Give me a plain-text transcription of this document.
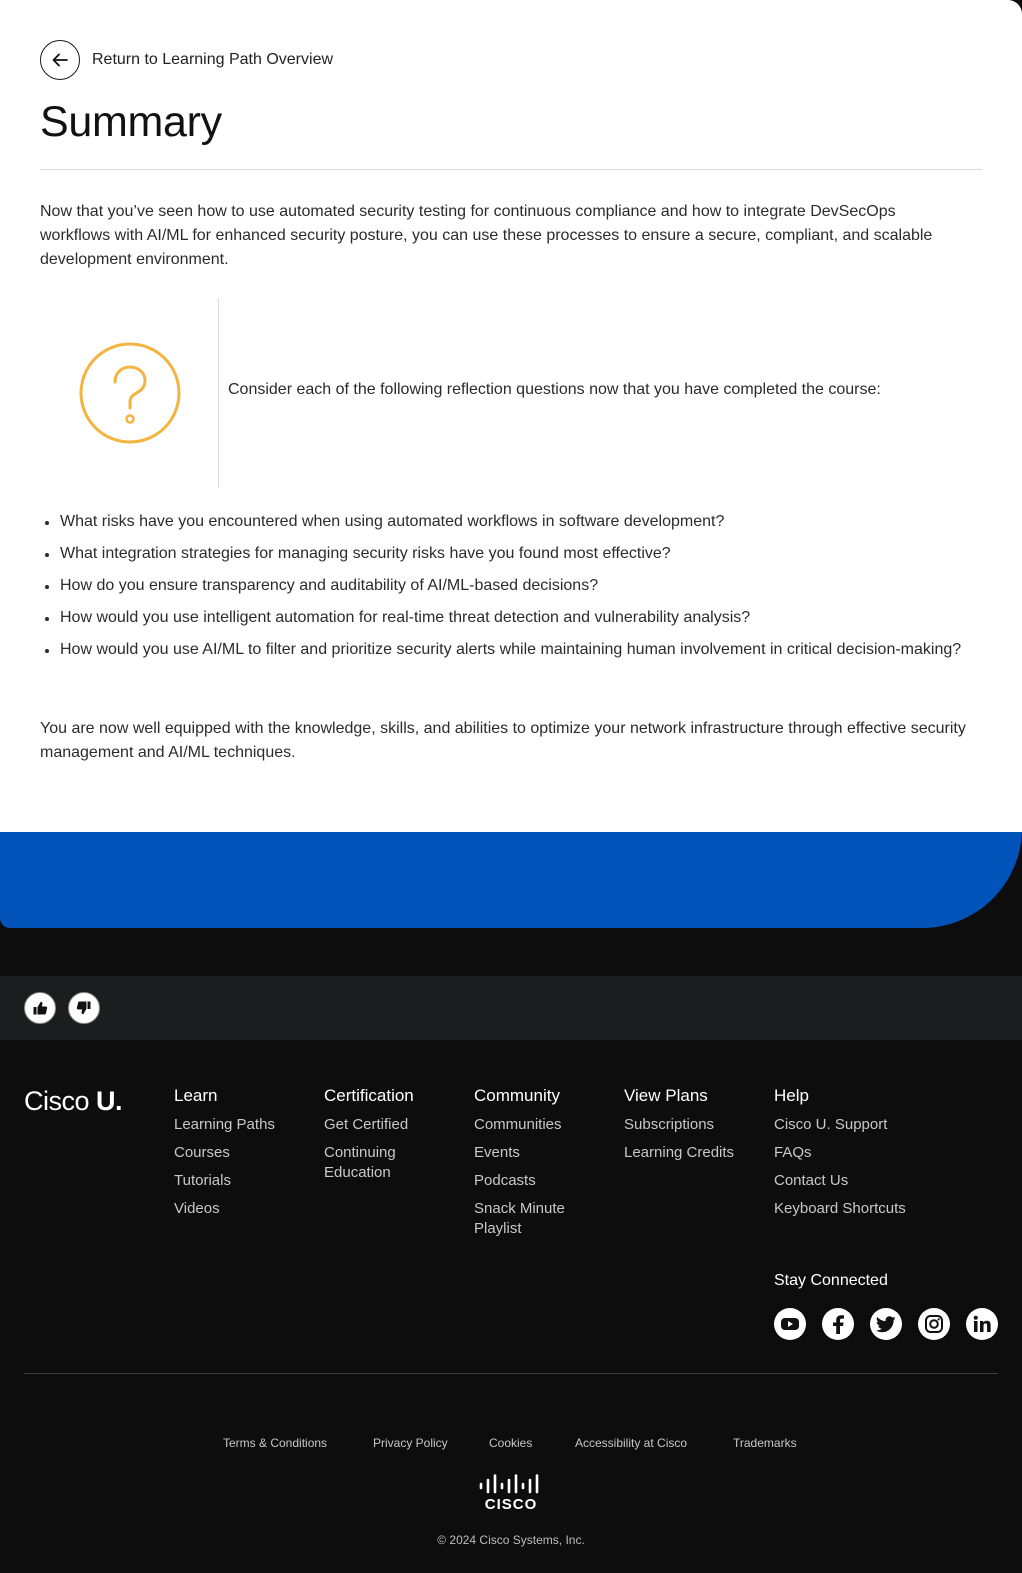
Return to Learning Path Overview
Summary

Now that you’ve seen how to use automated security testing for continuous compliance and how to integrate DevSecOps workflows with AI/ML for enhanced security posture, you can use these processes to ensure a secure, compliant, and scalable development environment.

Consider each of the following reflection questions now that you have completed the course:
What risks have you encountered when using automated workflows in software development?
What integration strategies for managing security risks have you found most effective?
How do you ensure transparency and auditability of AI/ML-based decisions?
How would you use intelligent automation for real-time threat detection and vulnerability analysis?
How would you use AI/ML to filter and prioritize security alerts while maintaining human involvement in critical decision-making?

You are now well equipped with the knowledge, skills, and abilities to optimize your network infrastructure through effective security management and AI/ML techniques.

Cisco U.	Learn
Learning Paths
Courses
Tutorials
Videos
Certification
Get Certified
Continuing Education
Community
Communities
Events
Podcasts
Snack Minute Playlist
View Plans
Subscriptions
Learning Credits
Help
Cisco U. Support
FAQs
Contact Us
Keyboard Shortcuts
Stay Connected
Terms & Conditions	Privacy Policy	Cookies	Accessibility at Cisco	Trademarks
CISCO
© 2024 Cisco Systems, Inc.
